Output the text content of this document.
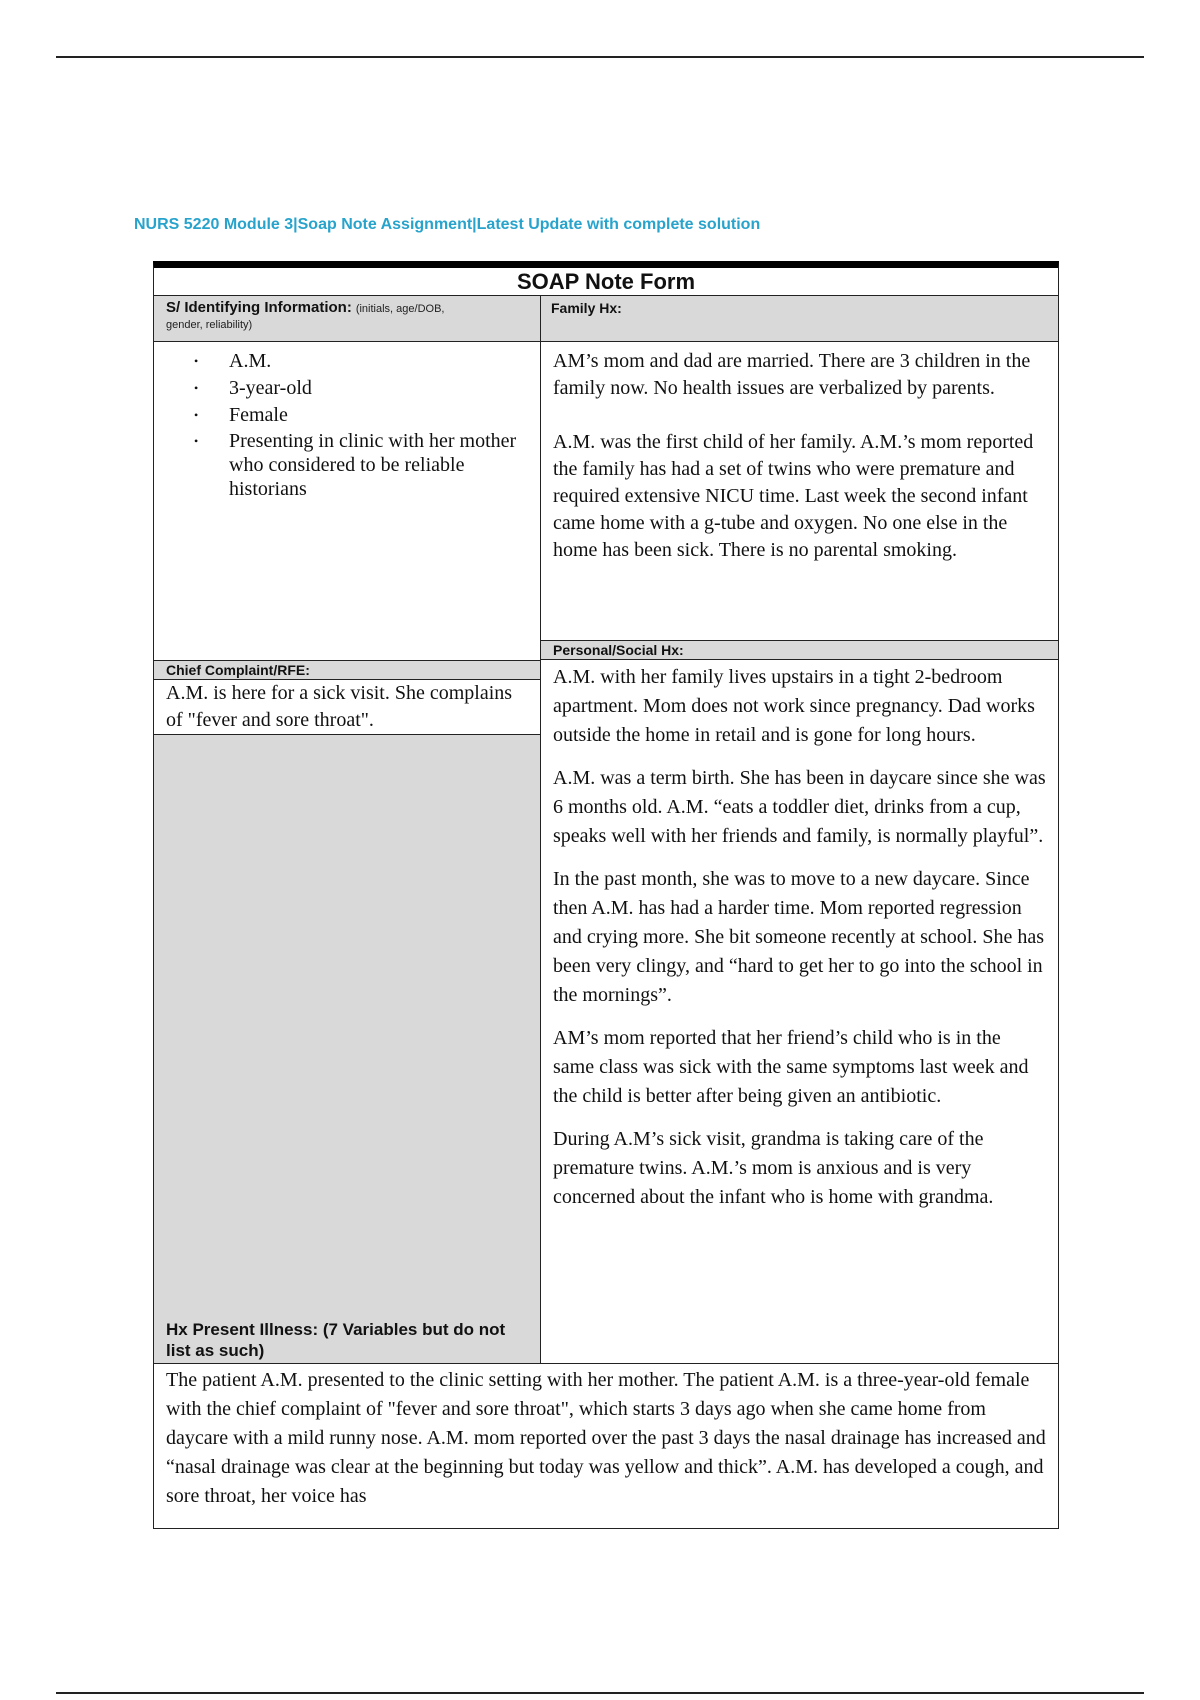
NURS 5220 Module 3|Soap Note Assignment|Latest Update with complete solution
SOAP Note Form
S/ Identifying Information: (initials, age/DOB,
gender, reliability)
Family Hx:
• A.M.
• 3-year-old
• Female
• Presenting in clinic with her mother who considered to be reliable historians

AM’s mom and dad are married. There are 3 children in the family now. No health issues are verbalized by parents.

A.M. was the first child of her family. A.M.’s mom reported the family has had a set of twins who were premature and required extensive NICU time. Last week the second infant came home with a g-tube and oxygen. No one else in the home has been sick. There is no parental smoking.

Personal/Social Hx:
Chief Complaint/RFE:
A.M. is here for a sick visit. She complains of "fever and sore throat".
Hx Present Illness: (7 Variables but do not list as such)

A.M. with her family lives upstairs in a tight 2-bedroom apartment. Mom does not work since pregnancy. Dad works outside the home in retail and is gone for long hours.

A.M. was a term birth. She has been in daycare since she was 6 months old. A.M. “eats a toddler diet, drinks from a cup, speaks well with her friends and family, is normally playful”.

In the past month, she was to move to a new daycare. Since then A.M. has had a harder time. Mom reported regression and crying more. She bit someone recently at school. She has been very clingy, and “hard to get her to go into the school in the mornings”.

AM’s mom reported that her friend’s child who is in the same class was sick with the same symptoms last week and the child is better after being given an antibiotic.

During A.M’s sick visit, grandma is taking care of the premature twins. A.M.’s mom is anxious and is very concerned about the infant who is home with grandma.

The patient A.M. presented to the clinic setting with her mother. The patient A.M. is a three-year-old female with the chief complaint of "fever and sore throat", which starts 3 days ago when she came home from daycare with a mild runny nose. A.M. mom reported over the past 3 days the nasal drainage has increased and “nasal drainage was clear at the beginning but today was yellow and thick”. A.M. has developed a cough, and sore throat, her voice has
